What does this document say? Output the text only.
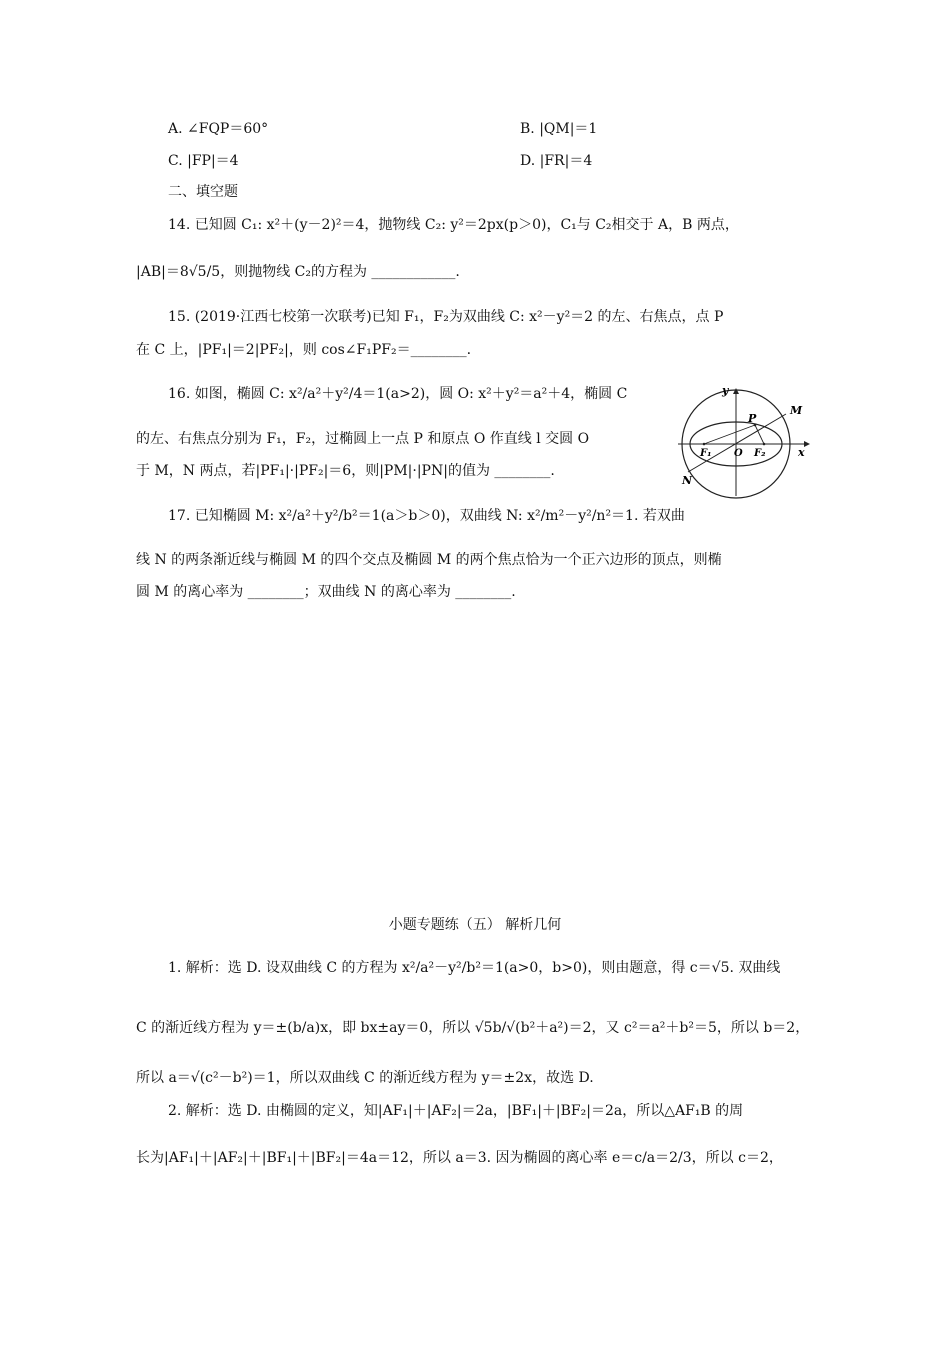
A. ∠FQP＝60°	B. |QM|＝1
C. |FP|＝4	D. |FR|＝4
二、填空题
14. 已知圆 C₁: x²＋(y－2)²＝4，抛物线 C₂: y²＝2px(p＞0)，C₁与 C₂相交于 A，B 两点，
|AB|＝8√5/5，则抛物线 C₂的方程为 ____________.
15. (2019·江西七校第一次联考)已知 F₁，F₂为双曲线 C: x²－y²＝2 的左、右焦点，点 P
在 C 上，|PF₁|＝2|PF₂|，则 cos∠F₁PF₂＝________.
16. 如图，椭圆 C: x²/a²＋y²/4＝1(a>2)，圆 O: x²＋y²＝a²＋4，椭圆 C
的左、右焦点分别为 F₁，F₂，过椭圆上一点 P 和原点 O 作直线 l 交圆 O
于 M，N 两点，若|PF₁|·|PF₂|＝6，则|PM|·|PN|的值为 ________.
y
x
P
M
N
O
F₁	F₂
17. 已知椭圆 M: x²/a²＋y²/b²＝1(a＞b＞0)，双曲线 N: x²/m²－y²/n²＝1. 若双曲
线 N 的两条渐近线与椭圆 M 的四个交点及椭圆 M 的两个焦点恰为一个正六边形的顶点，则椭
圆 M 的离心率为 ________；双曲线 N 的离心率为 ________.
小题专题练（五） 解析几何
1. 解析：选 D. 设双曲线 C 的方程为 x²/a²－y²/b²＝1(a>0，b>0)，则由题意，得 c＝√5. 双曲线
C 的渐近线方程为 y＝±(b/a)x，即 bx±ay＝0，所以 √5b/√(b²＋a²)＝2，又 c²＝a²＋b²＝5，所以 b＝2，
所以 a＝√(c²－b²)＝1，所以双曲线 C 的渐近线方程为 y＝±2x，故选 D.
2. 解析：选 D. 由椭圆的定义，知|AF₁|＋|AF₂|＝2a，|BF₁|＋|BF₂|＝2a，所以△AF₁B 的周
长为|AF₁|＋|AF₂|＋|BF₁|＋|BF₂|＝4a＝12，所以 a＝3. 因为椭圆的离心率 e＝c/a＝2/3，所以 c＝2，
